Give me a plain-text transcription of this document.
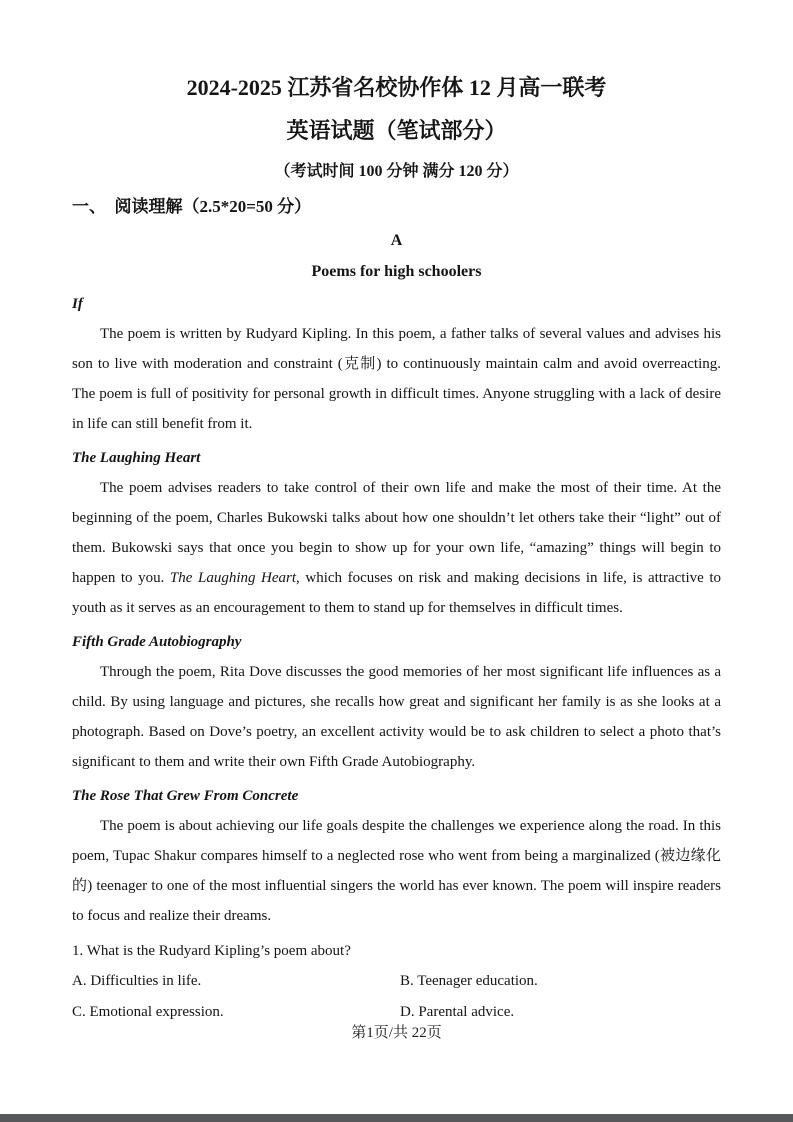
2024-2025 江苏省名校协作体 12 月高一联考
英语试题（笔试部分）
（考试时间 100 分钟 满分 120 分）
一、　阅读理解（2.5*20=50 分）
A
Poems for high schoolers
If

The poem is written by Rudyard Kipling. In this poem, a father talks of several values and advises his son to live with moderation and constraint (克制) to continuously maintain calm and avoid overreacting. The poem is full of positivity for personal growth in difficult times. Anyone struggling with a lack of desire in life can still benefit from it.

The Laughing Heart

The poem advises readers to take control of their own life and make the most of their time. At the beginning of the poem, Charles Bukowski talks about how one shouldn’t let others take their “light” out of them. Bukowski says that once you begin to show up for your own life, “amazing” things will begin to happen to you. The Laughing Heart, which focuses on risk and making decisions in life, is attractive to youth as it serves as an encouragement to them to stand up for themselves in difficult times.

Fifth Grade Autobiography

Through the poem, Rita Dove discusses the good memories of her most significant life influences as a child. By using language and pictures, she recalls how great and significant her family is as she looks at a photograph. Based on Dove’s poetry, an excellent activity would be to ask children to select a photo that’s significant to them and write their own Fifth Grade Autobiography.

The Rose That Grew From Concrete

The poem is about achieving our life goals despite the challenges we experience along the road. In this poem, Tupac Shakur compares himself to a neglected rose who went from being a marginalized (被边缘化的) teenager to one of the most influential singers the world has ever known. The poem will inspire readers to focus and realize their dreams.

1. What is the Rudyard Kipling’s poem about?
A. Difficulties in life.	B. Teenager education.
C. Emotional expression.	D. Parental advice.
第1页/共 22页
